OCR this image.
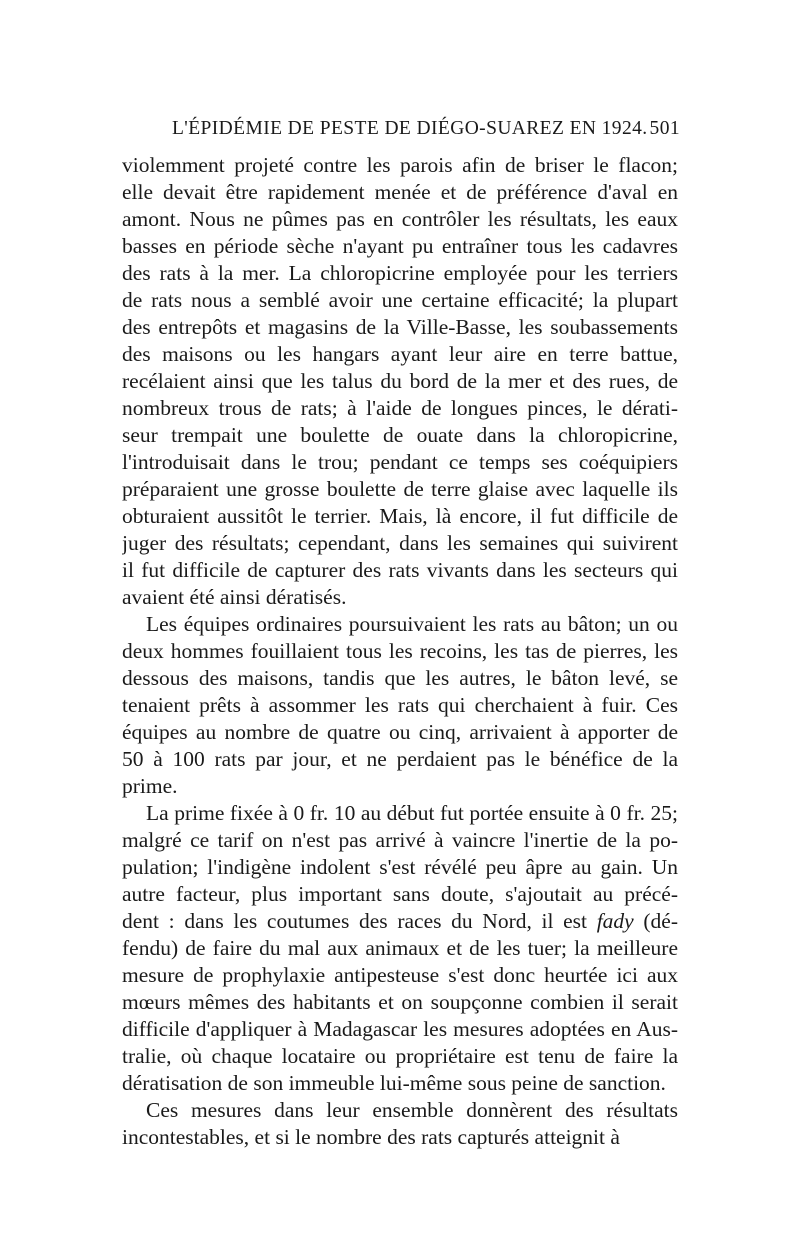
L'ÉPIDÉMIE DE PESTE DE DIÉGO-SUAREZ EN 1924. 501
violemment projeté contre les parois afin de briser le flacon;
elle devait être rapidement menée et de préférence d'aval en
amont. Nous ne pûmes pas en contrôler les résultats, les eaux
basses en période sèche n'ayant pu entraîner tous les cadavres
des rats à la mer. La chloropicrine employée pour les terriers
de rats nous a semblé avoir une certaine efficacité; la plupart
des entrepôts et magasins de la Ville-Basse, les soubassements
des maisons ou les hangars ayant leur aire en terre battue,
recélaient ainsi que les talus du bord de la mer et des rues, de
nombreux trous de rats; à l'aide de longues pinces, le dérati-
seur trempait une boulette de ouate dans la chloropicrine,
l'introduisait dans le trou; pendant ce temps ses coéquipiers
préparaient une grosse boulette de terre glaise avec laquelle ils
obturaient aussitôt le terrier. Mais, là encore, il fut difficile de
juger des résultats; cependant, dans les semaines qui suivirent
il fut difficile de capturer des rats vivants dans les secteurs qui
avaient été ainsi dératisés.
Les équipes ordinaires poursuivaient les rats au bâton; un ou
deux hommes fouillaient tous les recoins, les tas de pierres, les
dessous des maisons, tandis que les autres, le bâton levé, se
tenaient prêts à assommer les rats qui cherchaient à fuir. Ces
équipes au nombre de quatre ou cinq, arrivaient à apporter de
50 à 100 rats par jour, et ne perdaient pas le bénéfice de la
prime.
La prime fixée à 0 fr. 10 au début fut portée ensuite à 0 fr. 25;
malgré ce tarif on n'est pas arrivé à vaincre l'inertie de la po-
pulation; l'indigène indolent s'est révélé peu âpre au gain. Un
autre facteur, plus important sans doute, s'ajoutait au précé-
dent : dans les coutumes des races du Nord, il est fady (dé-
fendu) de faire du mal aux animaux et de les tuer; la meilleure
mesure de prophylaxie antipesteuse s'est donc heurtée ici aux
mœurs mêmes des habitants et on soupçonne combien il serait
difficile d'appliquer à Madagascar les mesures adoptées en Aus-
tralie, où chaque locataire ou propriétaire est tenu de faire la
dératisation de son immeuble lui-même sous peine de sanction.
Ces mesures dans leur ensemble donnèrent des résultats
incontestables, et si le nombre des rats capturés atteignit à
